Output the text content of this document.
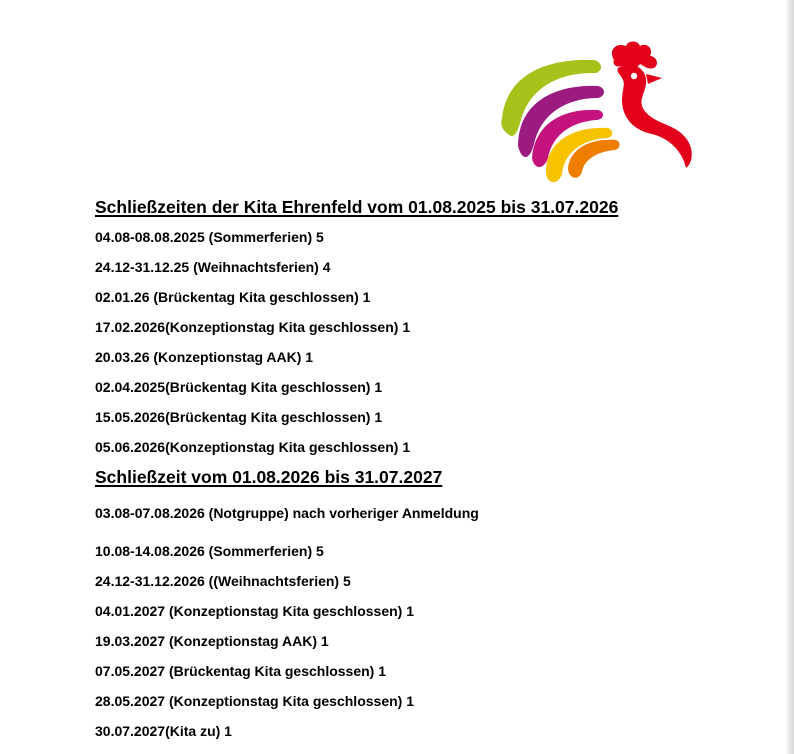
Schließzeiten der Kita Ehrenfeld vom 01.08.2025 bis 31.07.2026
04.08-08.08.2025 (Sommerferien) 5
24.12-31.12.25 (Weihnachtsferien) 4
02.01.26 (Brückentag Kita geschlossen) 1
17.02.2026(Konzeptionstag Kita geschlossen) 1
20.03.26 (Konzeptionstag AAK) 1
02.04.2025(Brückentag Kita geschlossen) 1
15.05.2026(Brückentag Kita geschlossen) 1
05.06.2026(Konzeptionstag Kita geschlossen) 1
Schließzeit vom 01.08.2026 bis 31.07.2027
03.08-07.08.2026 (Notgruppe) nach vorheriger Anmeldung
10.08-14.08.2026 (Sommerferien) 5
24.12-31.12.2026 ((Weihnachtsferien) 5
04.01.2027 (Konzeptionstag Kita geschlossen) 1
19.03.2027 (Konzeptionstag AAK) 1
07.05.2027 (Brückentag Kita geschlossen) 1
28.05.2027 (Konzeptionstag Kita geschlossen) 1
30.07.2027(Kita zu) 1
